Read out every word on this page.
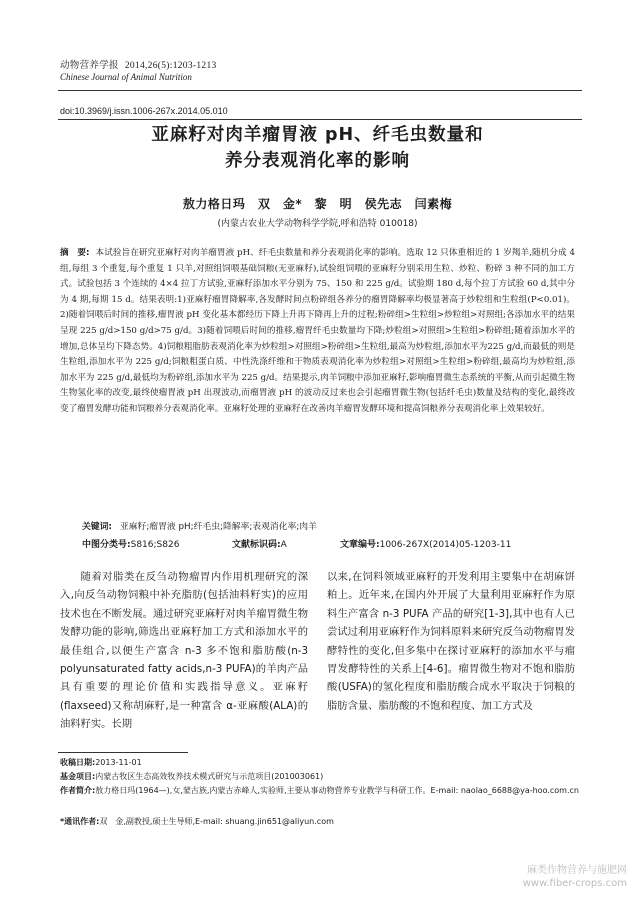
动物营养学报 2014,26(5):1203-1213
Chinese Journal of Animal Nutrition
doi:10.3969/j.issn.1006-267x.2014.05.010
亚麻籽对肉羊瘤胃液 pH、纤毛虫数量和
养分表观消化率的影响
敖力格日玛　双　金*　黎　明　侯先志　闫素梅
(内蒙古农业大学动物科学学院,呼和浩特 010018)
摘　要: 本试验旨在研究亚麻籽对肉羊瘤胃液 pH、纤毛虫数量和养分表观消化率的影响。选取 12 只体重相近的 1 岁羯羊,随机分成 4 组,每组 3 个重复,每个重复 1 只羊,对照组饲喂基础饲粮(无亚麻籽),试验组饲喂的亚麻籽分别采用生粒、炒粒、粉碎 3 种不同的加工方式。试验包括 3 个连续的 4×4 拉丁方试验,亚麻籽添加水平分别为 75、150 和 225 g/d。试验期 180 d,每个拉丁方试验 60 d,其中分为 4 期,每期 15 d。结果表明:1)亚麻籽瘤胃降解率,各发酵时间点粉碎组各养分的瘤胃降解率均极显著高于炒粒组和生粒组(P<0.01)。2)随着饲喂后时间的推移,瘤胃液 pH 变化基本都经历下降上升再下降再上升的过程;粉碎组>生粒组>炒粒组>对照组;各添加水平的结果呈现 225 g/d>150 g/d>75 g/d。3)随着饲喂后时间的推移,瘤胃纤毛虫数量均下降;炒粒组>对照组>生粒组>粉碎组;随着添加水平的增加,总体呈均下降态势。4)饲粮粗脂肪表观消化率为炒粒组>对照组>粉碎组>生粒组,最高为炒粒组,添加水平为225 g/d,而最低的则是生粒组,添加水平为 225 g/d;饲粮粗蛋白质、中性洗涤纤维和干物质表观消化率为炒粒组>对照组>生粒组>粉碎组,最高均为炒粒组,添加水平为 225 g/d,最低均为粉碎组,添加水平为 225 g/d。结果提示,肉羊饲粮中添加亚麻籽,影响瘤胃微生态系统的平衡,从而引起微生物生物氢化率的改变,最终使瘤胃液 pH 出现波动,而瘤胃液 pH 的波动反过来也会引起瘤胃微生物(包括纤毛虫)数量及结构的变化,最终改变了瘤胃发酵功能和饲粮养分表观消化率。亚麻籽处理的亚麻籽在改善肉羊瘤胃发酵环境和提高饲粮养分表观消化率上效果较好。
关键词: 亚麻籽;瘤胃液 pH;纤毛虫;降解率;表观消化率;肉羊
中图分类号:S816;S826	文献标识码:A	文章编号:1006-267X(2014)05-1203-11

随着对脂类在反刍动物瘤胃内作用机理研究的深入,向反刍动物饲粮中补充脂肪(包括油料籽实)的应用技术也在不断发展。通过研究亚麻籽对肉羊瘤胃微生物发酵功能的影响,筛选出亚麻籽加工方式和添加水平的最佳组合,以便生产富含 n-3 多不饱和脂肪酸(n-3 polyunsaturated fatty acids,n-3 PUFA)的羊肉产品具有重要的理论价值和实践指导意义。亚麻籽(flaxseed)又称胡麻籽,是一种富含 α-亚麻酸(ALA)的油料籽实。长期

以来,在饲料领域亚麻籽的开发利用主要集中在胡麻饼粕上。近年来,在国内外开展了大量利用亚麻籽作为原料生产富含 n-3 PUFA 产品的研究[1-3],其中也有人已尝试过利用亚麻籽作为饲料原料来研究反刍动物瘤胃发酵特性的变化,但多集中在探讨亚麻籽的添加水平与瘤胃发酵特性的关系上[4-6]。瘤胃微生物对不饱和脂肪酸(USFA)的氢化程度和脂肪酸合成水平取决于饲粮的脂肪含量、脂肪酸的不饱和程度、加工方式及

收稿日期:2013-11-01
基金项目:内蒙古牧区生态高效牧养技术模式研究与示范项目(201003061)
作者简介:敖力格日玛(1964—),女,蒙古族,内蒙古赤峰人,实验师,主要从事动物营养专业教学与科研工作。E-mail: naolao_6688@ya-hoo.com.cn
*通讯作者:双　金,副教授,硕士生导师,E-mail: shuang.jin651@aliyun.com
麻类作物营养与施肥网
www.fiber-crops.com
